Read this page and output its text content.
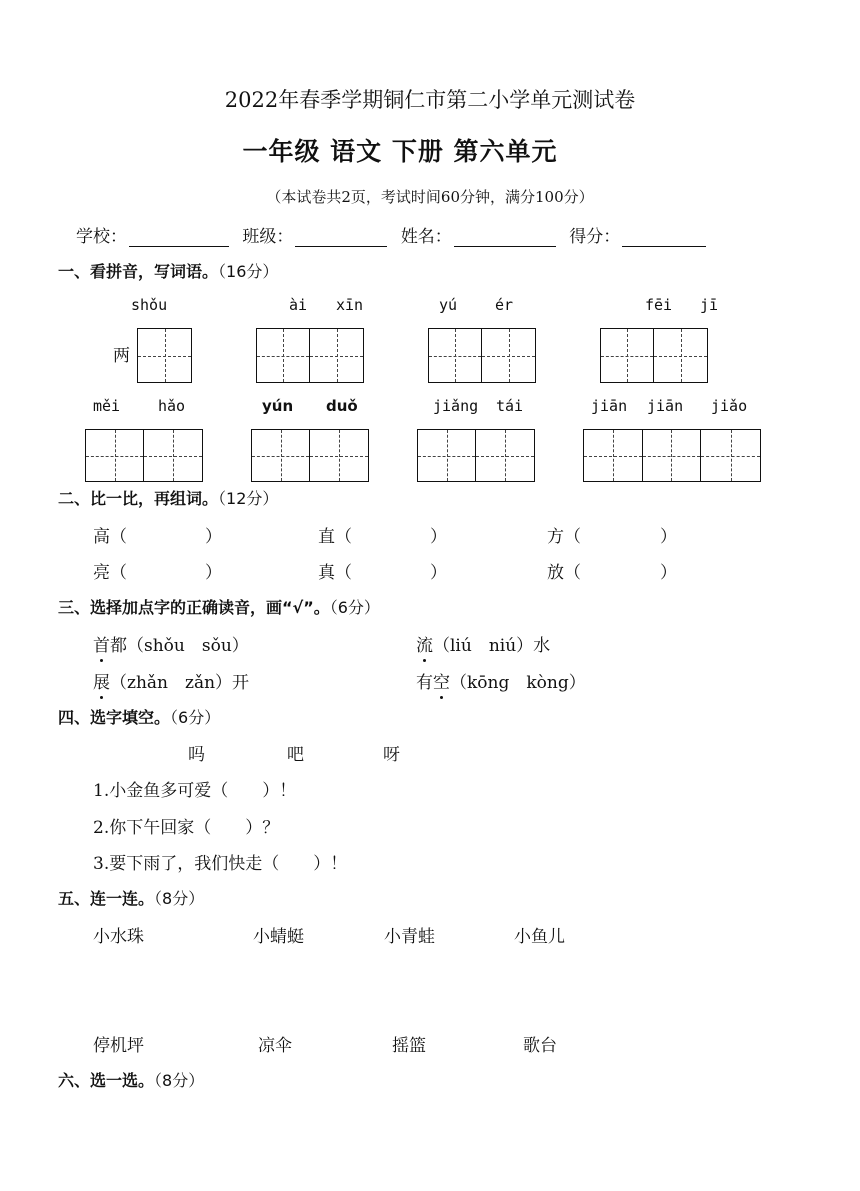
2022年春季学期铜仁市第二小学单元测试卷
一年级 语文 下册 第六单元
（本试卷共2页，考试时间60分钟，满分100分）
学校：	班级：	姓名：	得分：
一、看拼音，写词语。（16分）
shǒu	ài xīn	yú	ér	fēi jī
两
měi	hǎo	yún duǒ	jiǎng tái	jiān jiān jiǎo
二、比一比，再组词。（12分）
高（	）	直（	）	方（	）
亮（	）	真（	）	放（	）
三、选择加点字的正确读音，画“√”。（6分）
首都（shǒu　sǒu）	流（liú　niú）水
展（zhǎn　zǎn）开	有空（kōng　kòng）
四、选字填空。（6分）
吗	吧	呀
1.小金鱼多可爱（　　）！
2.你下午回家（　　）？
3.要下雨了，我们快走（　　）！
五、连一连。（8分）
小水珠	小蜻蜓	小青蛙	小鱼儿
停机坪	凉伞	摇篮	歌台
六、选一选。（8分）
